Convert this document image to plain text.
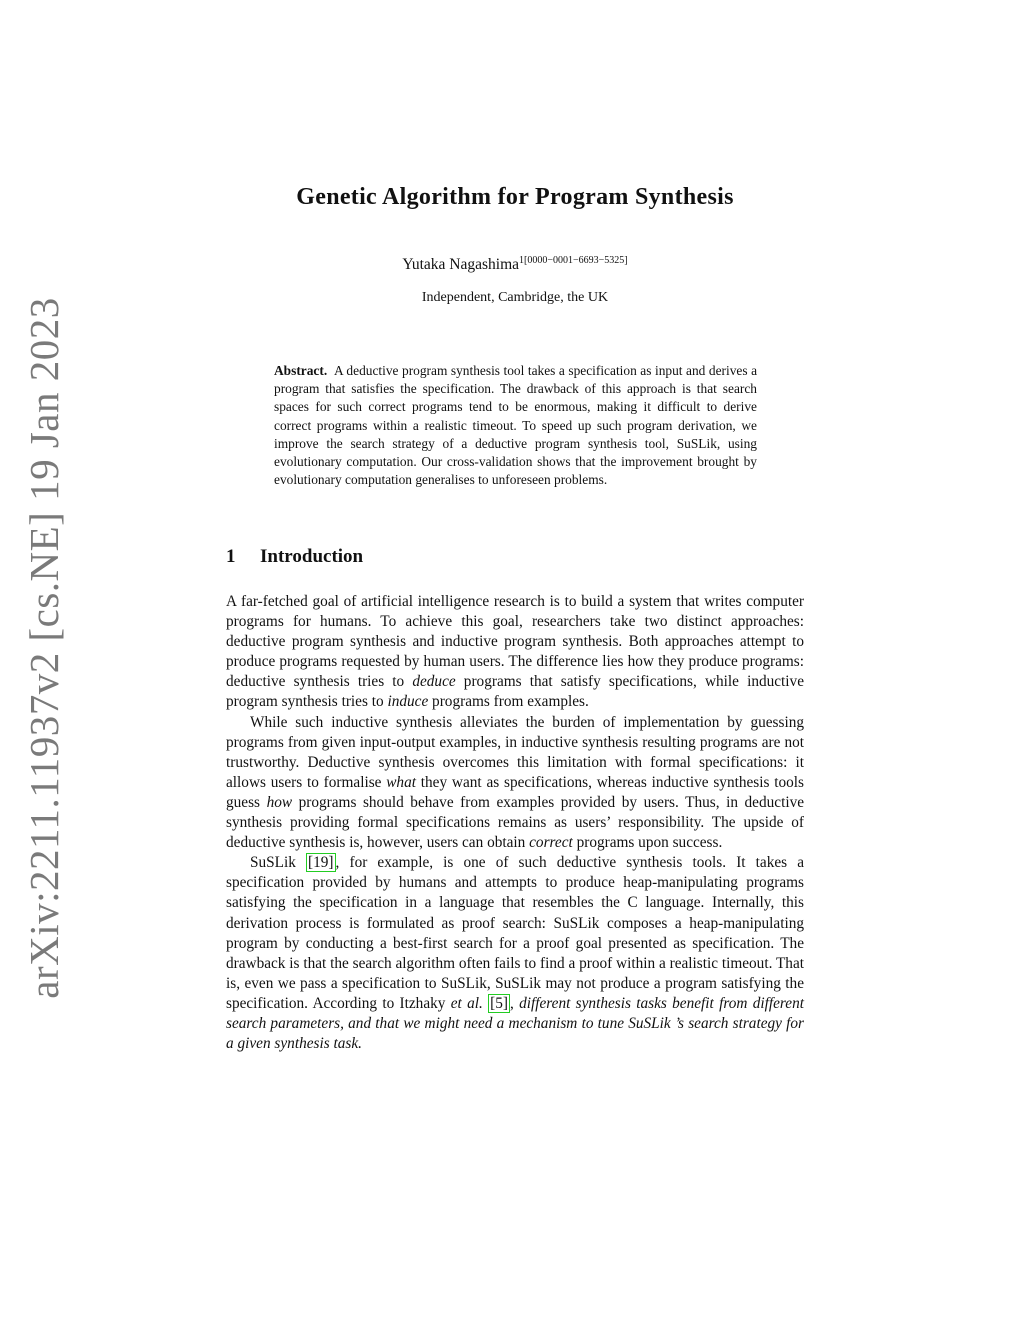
arXiv:2211.11937v2 [cs.NE] 19 Jan 2023
Genetic Algorithm for Program Synthesis
Yutaka Nagashima$^{1[0000-0001-6693-5325]}$
Independent, Cambridge, the UK
Abstract. A deductive program synthesis tool takes a specification as input and derives a program that satisfies the specification. The drawback of this approach is that search spaces for such correct programs tend to be enormous, making it difficult to derive correct programs within a realistic timeout. To speed up such program derivation, we improve the search strategy of a deductive program synthesis tool, SuSLik, using evolutionary computation. Our cross-validation shows that the improvement brought by evolutionary computation generalises to unforeseen problems.
1 Introduction

A far-fetched goal of artificial intelligence research is to build a system that writes computer programs for humans. To achieve this goal, researchers take two distinct approaches: deductive program synthesis and inductive program synthesis. Both approaches attempt to produce programs requested by human users. The difference lies how they produce programs: deductive synthesis tries to deduce programs that satisfy specifications, while inductive program synthesis tries to induce programs from examples.

While such inductive synthesis alleviates the burden of implementation by guessing programs from given input-output examples, in inductive synthesis resulting programs are not trustworthy. Deductive synthesis overcomes this limitation with formal specifications: it allows users to formalise what they want as specifications, whereas inductive synthesis tools guess how programs should behave from examples provided by users. Thus, in deductive synthesis providing formal specifications remains as users’ responsibility. The upside of deductive synthesis is, however, users can obtain correct programs upon success.

SuSLik [19] , for example, is one of such deductive synthesis tools. It takes a specification provided by humans and attempts to produce heap-manipulating programs satisfying the specification in a language that resembles the C language. Internally, this derivation process is formulated as proof search: SuSLik composes a heap-manipulating program by conducting a best-first search for a proof goal presented as specification. The drawback is that the search algorithm often fails to find a proof within a realistic timeout. That is, even we pass a specification to SuSLik, SuSLik may not produce a program satisfying the specification. According to Itzhaky et al. [5] , different synthesis tasks benefit from different search parameters, and that we might need a mechanism to tune SuSLik ’s search strategy for a given synthesis task.
